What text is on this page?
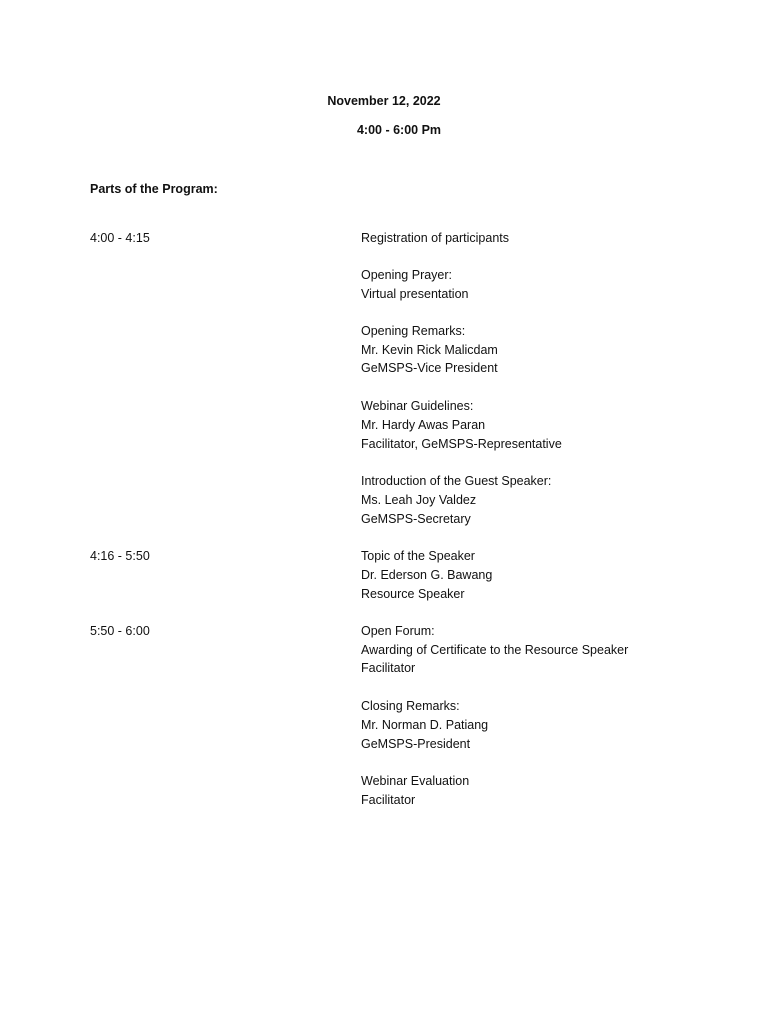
November 12, 2022
4:00 - 6:00 Pm
Parts of the Program:
4:00 - 4:15
4:16 - 5:50
5:50 - 6:00
Registration of participants
Opening Prayer:
Virtual presentation
Opening Remarks:
Mr. Kevin Rick Malicdam
GeMSPS-Vice President
Webinar Guidelines:
Mr. Hardy Awas Paran
Facilitator, GeMSPS-Representative
Introduction of the Guest Speaker:
Ms. Leah Joy Valdez
GeMSPS-Secretary
Topic of the Speaker
Dr. Ederson G. Bawang
Resource Speaker
Open Forum:
Awarding of Certificate to the Resource Speaker
Facilitator
Closing Remarks:
Mr. Norman D. Patiang
GeMSPS-President
Webinar Evaluation
Facilitator
